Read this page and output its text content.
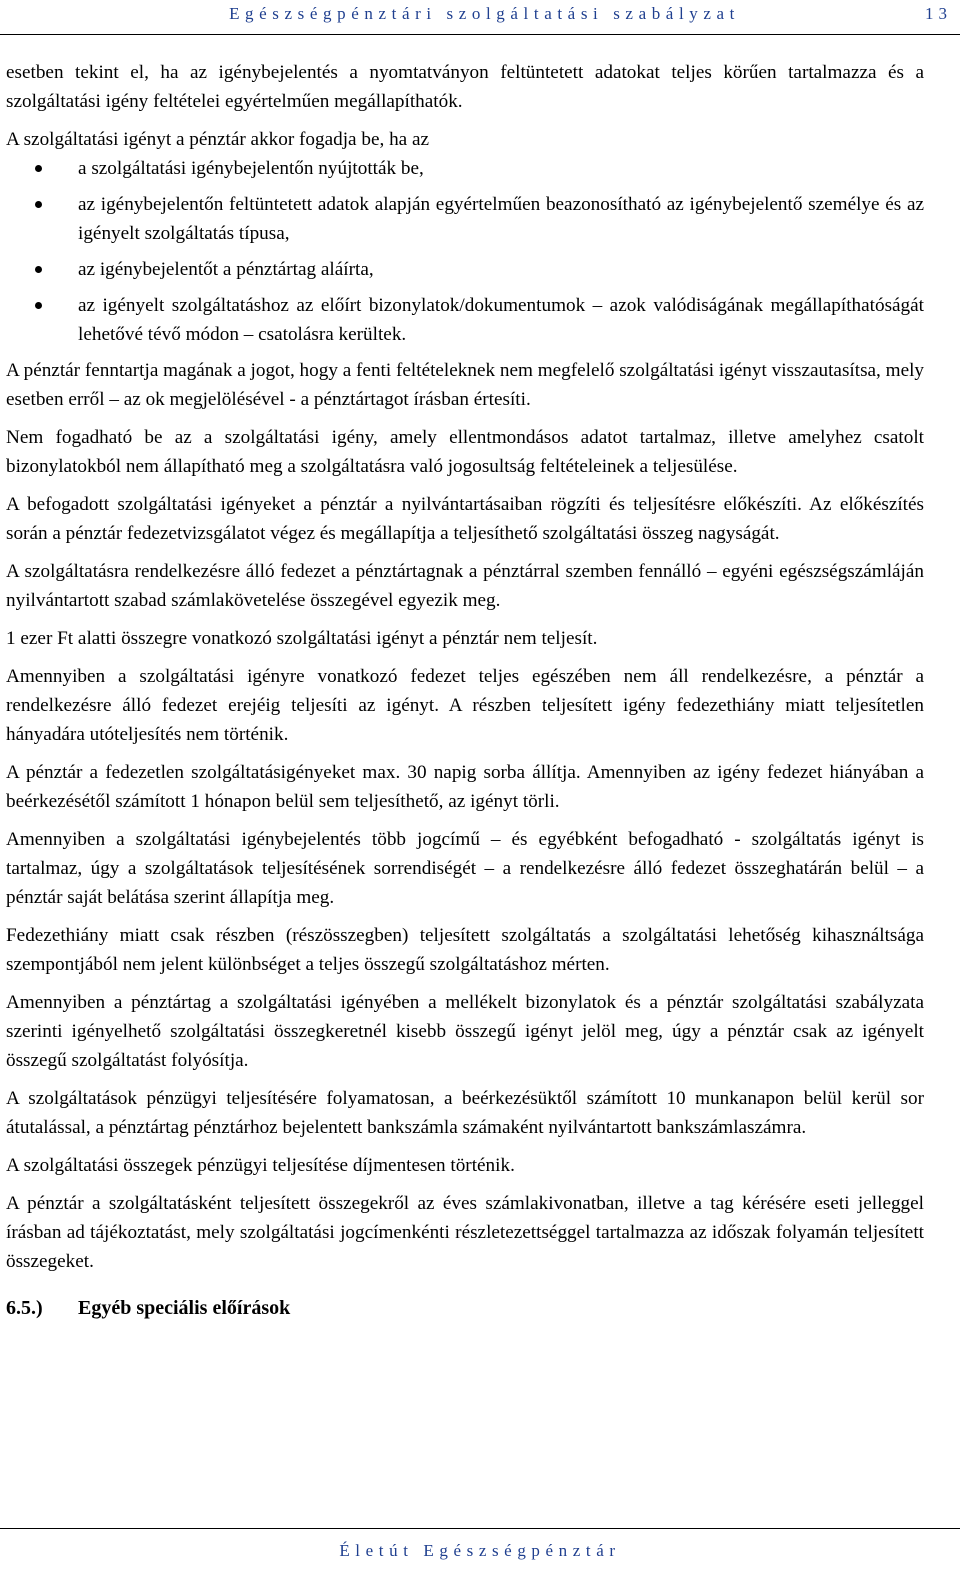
Egészségpénztári szolgáltatási szabályzat	13

esetben tekint el, ha az igénybejelentés a nyomtatványon feltüntetett adatokat teljes körűen tartalmazza és a szolgáltatási igény feltételei egyértelműen megállapíthatók.

A szolgáltatási igényt a pénztár akkor fogadja be, ha az

a szolgáltatási igénybejelentőn nyújtották be,
az igénybejelentőn feltüntetett adatok alapján egyértelműen beazonosítható az igénybejelentő személye és az igényelt szolgáltatás típusa,
az igénybejelentőt a pénztártag aláírta,
az igényelt szolgáltatáshoz az előírt bizonylatok/dokumentumok – azok valódiságának megállapíthatóságát lehetővé tévő módon – csatolásra kerültek.

A pénztár fenntartja magának a jogot, hogy a fenti feltételeknek nem megfelelő szolgáltatási igényt visszautasítsa, mely esetben erről – az ok megjelölésével - a pénztártagot írásban értesíti.

Nem fogadható be az a szolgáltatási igény, amely ellentmondásos adatot tartalmaz, illetve amelyhez csatolt bizonylatokból nem állapítható meg a szolgáltatásra való jogosultság feltételeinek a teljesülése.

A befogadott szolgáltatási igényeket a pénztár a nyilvántartásaiban rögzíti és teljesítésre előkészíti. Az előkészítés során a pénztár fedezetvizsgálatot végez és megállapítja a teljesíthető szolgáltatási összeg nagyságát.

A szolgáltatásra rendelkezésre álló fedezet a pénztártagnak a pénztárral szemben fennálló – egyéni egészségszámláján nyilvántartott szabad számlakövetelése összegével egyezik meg.

1 ezer Ft alatti összegre vonatkozó szolgáltatási igényt a pénztár nem teljesít.

Amennyiben a szolgáltatási igényre vonatkozó fedezet teljes egészében nem áll rendelkezésre, a pénztár a rendelkezésre álló fedezet erejéig teljesíti az igényt. A részben teljesített igény fedezethiány miatt teljesítetlen hányadára utóteljesítés nem történik.

A pénztár a fedezetlen szolgáltatásigényeket max. 30 napig sorba állítja. Amennyiben az igény fedezet hiányában a beérkezésétől számított 1 hónapon belül sem teljesíthető, az igényt törli.

Amennyiben a szolgáltatási igénybejelentés több jogcímű – és egyébként befogadható - szolgáltatás igényt is tartalmaz, úgy a szolgáltatások teljesítésének sorrendiségét – a rendelkezésre álló fedezet összeghatárán belül – a pénztár saját belátása szerint állapítja meg.

Fedezethiány miatt csak részben (részösszegben) teljesített szolgáltatás a szolgáltatási lehetőség kihasználtsága szempontjából nem jelent különbséget a teljes összegű szolgáltatáshoz mérten.

Amennyiben a pénztártag a szolgáltatási igényében a mellékelt bizonylatok és a pénztár szolgáltatási szabályzata szerinti igényelhető szolgáltatási összegkeretnél kisebb összegű igényt jelöl meg, úgy a pénztár csak az igényelt összegű szolgáltatást folyósítja.

A szolgáltatások pénzügyi teljesítésére folyamatosan, a beérkezésüktől számított 10 munkanapon belül kerül sor átutalással, a pénztártag pénztárhoz bejelentett bankszámla számaként nyilvántartott bankszámlaszámra.

A szolgáltatási összegek pénzügyi teljesítése díjmentesen történik.

A pénztár a szolgáltatásként teljesített összegekről az éves számlakivonatban, illetve a tag kérésére eseti jelleggel írásban ad tájékoztatást, mely szolgáltatási jogcímenkénti részletezettséggel tartalmazza az időszak folyamán teljesített összegeket.

6.5.) Egyéb speciális előírások
Életút Egészségpénztár
